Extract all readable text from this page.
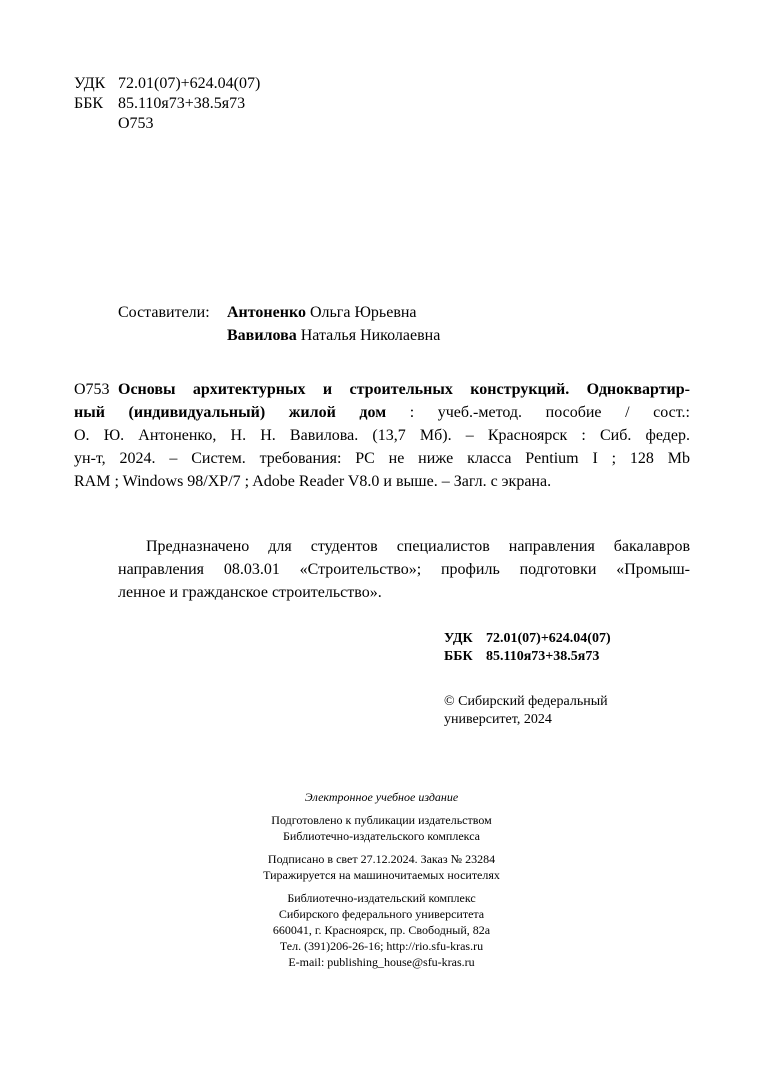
УДК 72.01(07)+624.04(07)
ББК 85.110я73+38.5я73
О753
Составители: Антоненко Ольга Юрьевна
Вавилова Наталья Николаевна
О753 Основы архитектурных и строительных конструкций. Одноквартир-
ный (индивидуальный) жилой дом : учеб.-метод. пособие / сост.:
О. Ю. Антоненко, Н. Н. Вавилова. (13,7 Мб). – Красноярск : Сиб. федер.
ун-т, 2024. – Систем. требования: PC не ниже класса Pentium I ; 128 Mb
RAM ; Windows 98/XP/7 ; Adobe Reader V8.0 и выше. – Загл. с экрана.
Предназначено для студентов специалистов направления бакалавров
направления 08.03.01 «Строительство»; профиль подготовки «Промыш-
ленное и гражданское строительство».
УДК 72.01(07)+624.04(07)
ББК 85.110я73+38.5я73
© Сибирский федеральный
университет, 2024
Электронное учебное издание
Подготовлено к публикации издательством
Библиотечно-издательского комплекса
Подписано в свет 27.12.2024. Заказ № 23284
Тиражируется на машиночитаемых носителях
Библиотечно-издательский комплекс
Сибирского федерального университета
660041, г. Красноярск, пр. Свободный, 82а
Тел. (391)206-26-16; http://rio.sfu-kras.ru
E-mail: publishing_house@sfu-kras.ru
